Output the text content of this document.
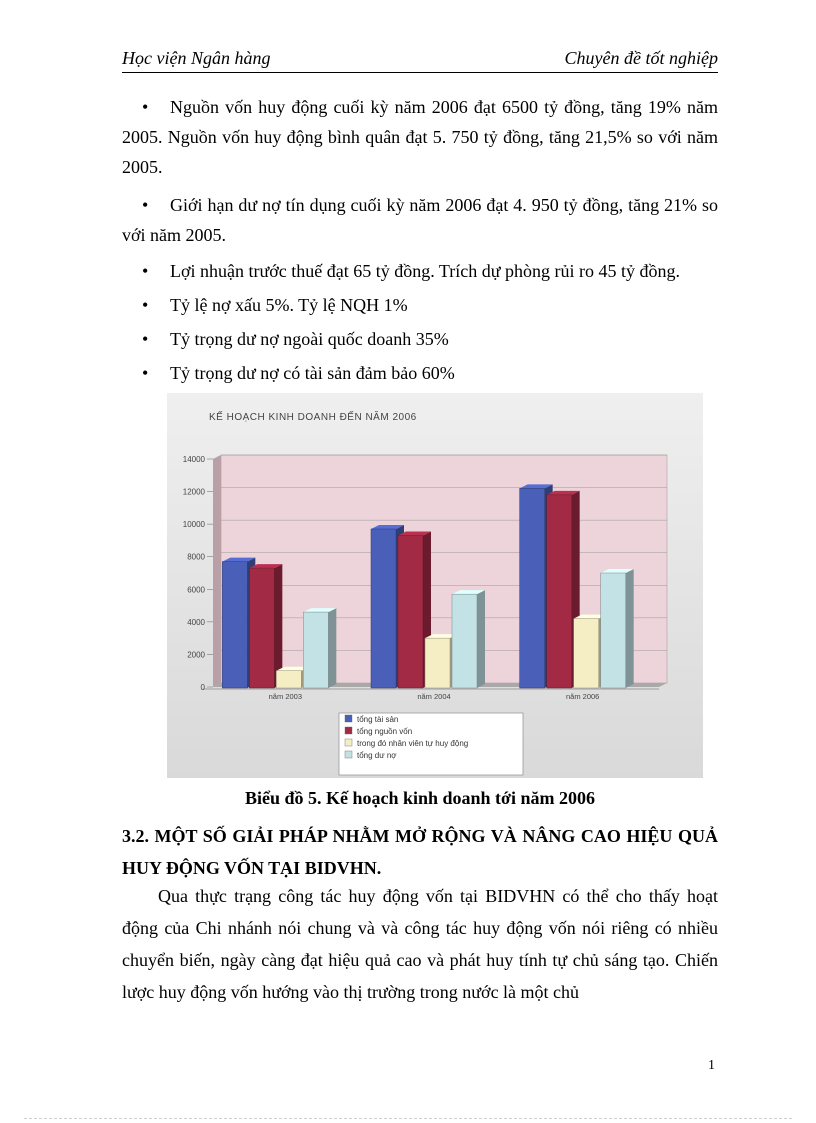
Học viện Ngân hàng	Chuyên đề tốt nghiệp
• Nguồn vốn huy động cuối kỳ năm 2006 đạt 6500 tỷ đồng, tăng 19% năm 2005. Nguồn vốn huy động bình quân đạt 5. 750 tỷ đồng, tăng 21,5% so với năm 2005.
• Giới hạn dư nợ tín dụng cuối kỳ năm 2006 đạt 4. 950 tỷ đồng, tăng 21% so với năm 2005.
• Lợi nhuận trước thuế đạt 65 tỷ đồng. Trích dự phòng rủi ro 45 tỷ đồng.
• Tỷ lệ nợ xấu 5%. Tỷ lệ NQH 1%
• Tỷ trọng dư nợ ngoài quốc doanh 35%
• Tỷ trọng dư nợ có tài sản đảm bảo 60%
KẾ HOẠCH KINH DOANH ĐẾN NĂM 2006
0
2000
4000
6000
8000
10000
12000
14000
năm 2003	năm 2004	năm 2006
tổng tài sản
tổng nguồn vốn
trong đó nhân viên tự huy động
tổng dư nợ
Biểu đồ 5. Kế hoạch kinh doanh tới năm 2006
3.2. MỘT SỐ GIẢI PHÁP NHẰM MỞ RỘNG VÀ NÂNG CAO HIỆU QUẢ HUY ĐỘNG VỐN TẠI BIDVHN.
Qua thực trạng công tác huy động vốn tại BIDVHN có thể cho thấy hoạt động của Chi nhánh nói chung và và công tác huy động vốn nói riêng có nhiều chuyển biến, ngày càng đạt hiệu quả cao và phát huy tính tự chủ sáng tạo. Chiến lược huy động vốn hướng vào thị trường trong nước là một chủ
1
